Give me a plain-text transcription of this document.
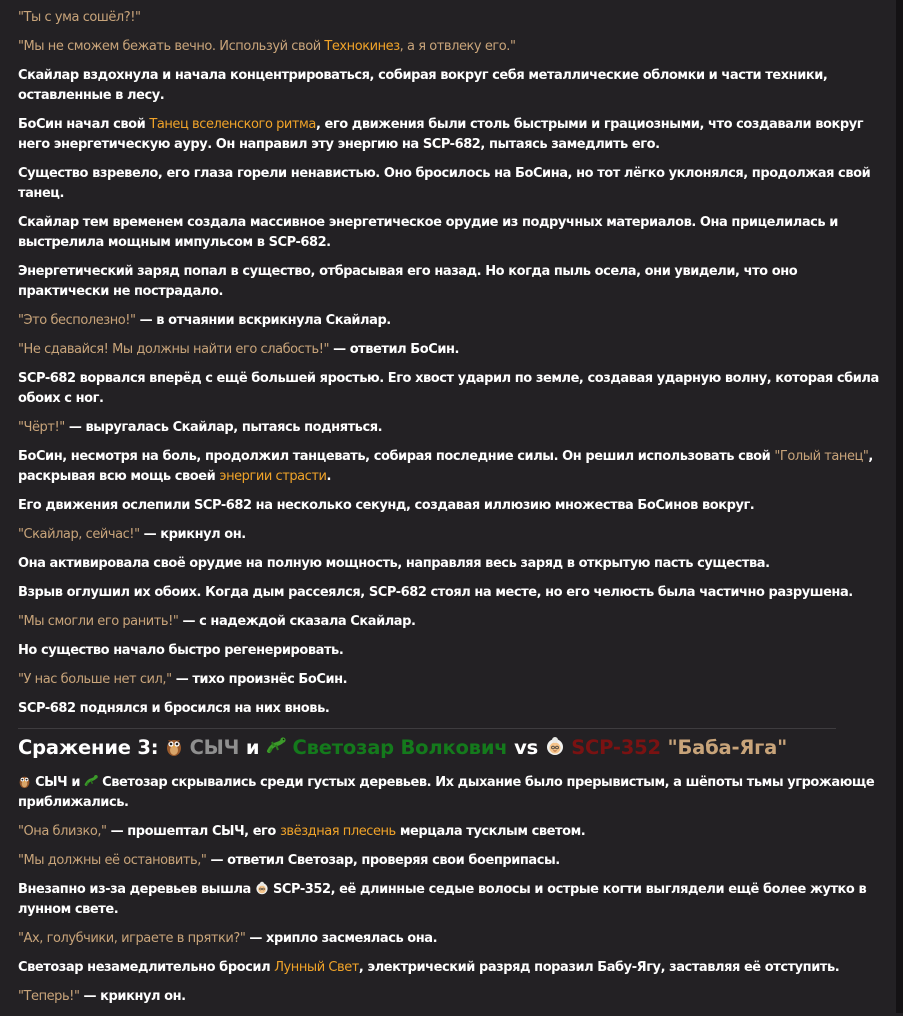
"Ты с ума сошёл?!"

"Мы не сможем бежать вечно. Используй свой Технокинез, а я отвлеку его."

Скайлар вздохнула и начала концентрироваться, собирая вокруг себя металлические обломки и части техники, оставленные в лесу.

БоСин начал свой Танец вселенского ритма, его движения были столь быстрыми и грациозными, что создавали вокруг него энергетическую ауру. Он направил эту энергию на SCP-682, пытаясь замедлить его.

Существо взревело, его глаза горели ненавистью. Оно бросилось на БоСина, но тот лёгко уклонялся, продолжая свой танец.

Скайлар тем временем создала массивное энергетическое орудие из подручных материалов. Она прицелилась и выстрелила мощным импульсом в SCP-682.

Энергетический заряд попал в существо, отбрасывая его назад. Но когда пыль осела, они увидели, что оно практически не пострадало.

"Это бесполезно!" — в отчаянии вскрикнула Скайлар.

"Не сдавайся! Мы должны найти его слабость!" — ответил БоСин.

SCP-682 ворвался вперёд с ещё большей яростью. Его хвост ударил по земле, создавая ударную волну, которая сбила обоих с ног.

"Чёрт!" — выругалась Скайлар, пытаясь подняться.

БоСин, несмотря на боль, продолжил танцевать, собирая последние силы. Он решил использовать свой "Голый танец", раскрывая всю мощь своей энергии страсти.

Его движения ослепили SCP-682 на несколько секунд, создавая иллюзию множества БоСинов вокруг.

"Скайлар, сейчас!" — крикнул он.

Она активировала своё орудие на полную мощность, направляя весь заряд в открытую пасть существа.

Взрыв оглушил их обоих. Когда дым рассеялся, SCP-682 стоял на месте, но его челюсть была частично разрушена.

"Мы смогли его ранить!" — с надеждой сказала Скайлар.

Но существо начало быстро регенерировать.

"У нас больше нет сил," — тихо произнёс БоСин.

SCP-682 поднялся и бросился на них вновь.

Сражение 3:
СЫЧ и
Светозар Волкович vs
SCP-352 "Баба-Яга"

СЫЧ и
Светозар скрывались среди густых деревьев. Их дыхание было прерывистым, а шёпоты тьмы угрожающе приближались.

"Она близко," — прошептал СЫЧ, его звёздная плесень мерцала тусклым светом.

"Мы должны её остановить," — ответил Светозар, проверяя свои боеприпасы.

Внезапно из-за деревьев вышла
SCP-352, её длинные седые волосы и острые когти выглядели ещё более жутко в лунном свете.

"Ах, голубчики, играете в прятки?" — хрипло засмеялась она.

Светозар незамедлительно бросил Лунный Свет, электрический разряд поразил Бабу-Ягу, заставляя её отступить.

"Теперь!" — крикнул он.
